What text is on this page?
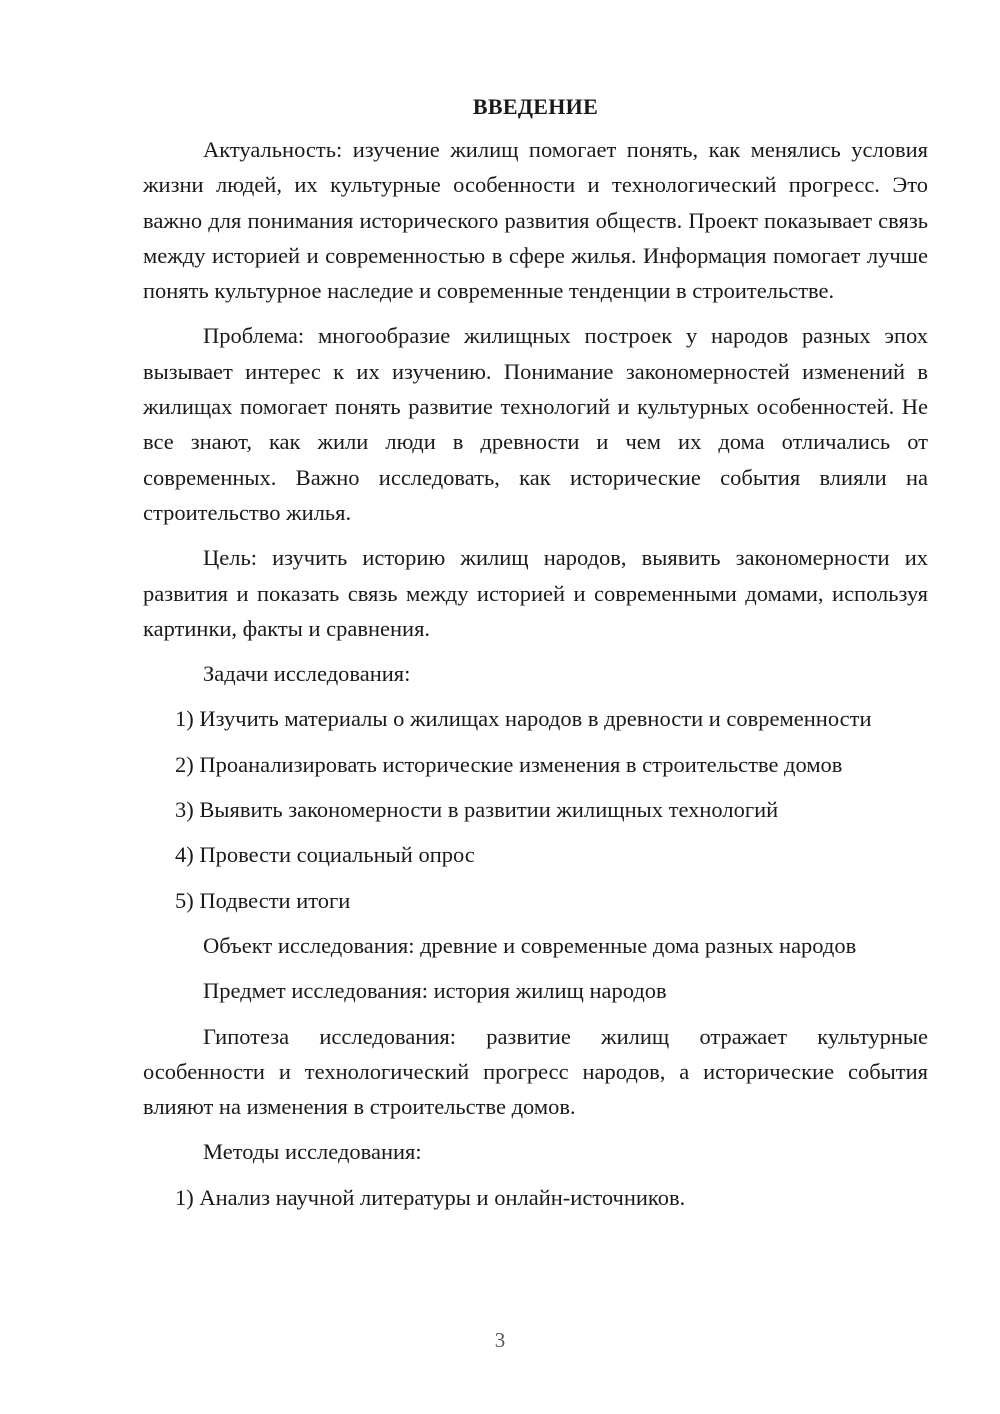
ВВЕДЕНИЕ

Актуальность: изучение жилищ помогает понять, как менялись условия жизни людей, их культурные особенности и технологический прогресс. Это важно для понимания исторического развития обществ. Проект показывает связь между историей и современностью в сфере жилья. Информация помогает лучше понять культурное наследие и современные тенденции в строительстве.

Проблема: многообразие жилищных построек у народов разных эпох вызывает интерес к их изучению. Понимание закономерностей изменений в жилищах помогает понять развитие технологий и культурных особенностей. Не все знают, как жили люди в древности и чем их дома отличались от современных. Важно исследовать, как исторические события влияли на строительство жилья.

Цель: изучить историю жилищ народов, выявить закономерности их развития и показать связь между историей и современными домами, используя картинки, факты и сравнения.

Задачи исследования:

1) Изучить материалы о жилищах народов в древности и современности

2) Проанализировать исторические изменения в строительстве домов

3) Выявить закономерности в развитии жилищных технологий

4) Провести социальный опрос

5) Подвести итоги

Объект исследования: древние и современные дома разных народов

Предмет исследования: история жилищ народов

Гипотеза исследования: развитие жилищ отражает культурные особенности и технологический прогресс народов, а исторические события влияют на изменения в строительстве домов.

Методы исследования:

1) Анализ научной литературы и онлайн-источников.

3
